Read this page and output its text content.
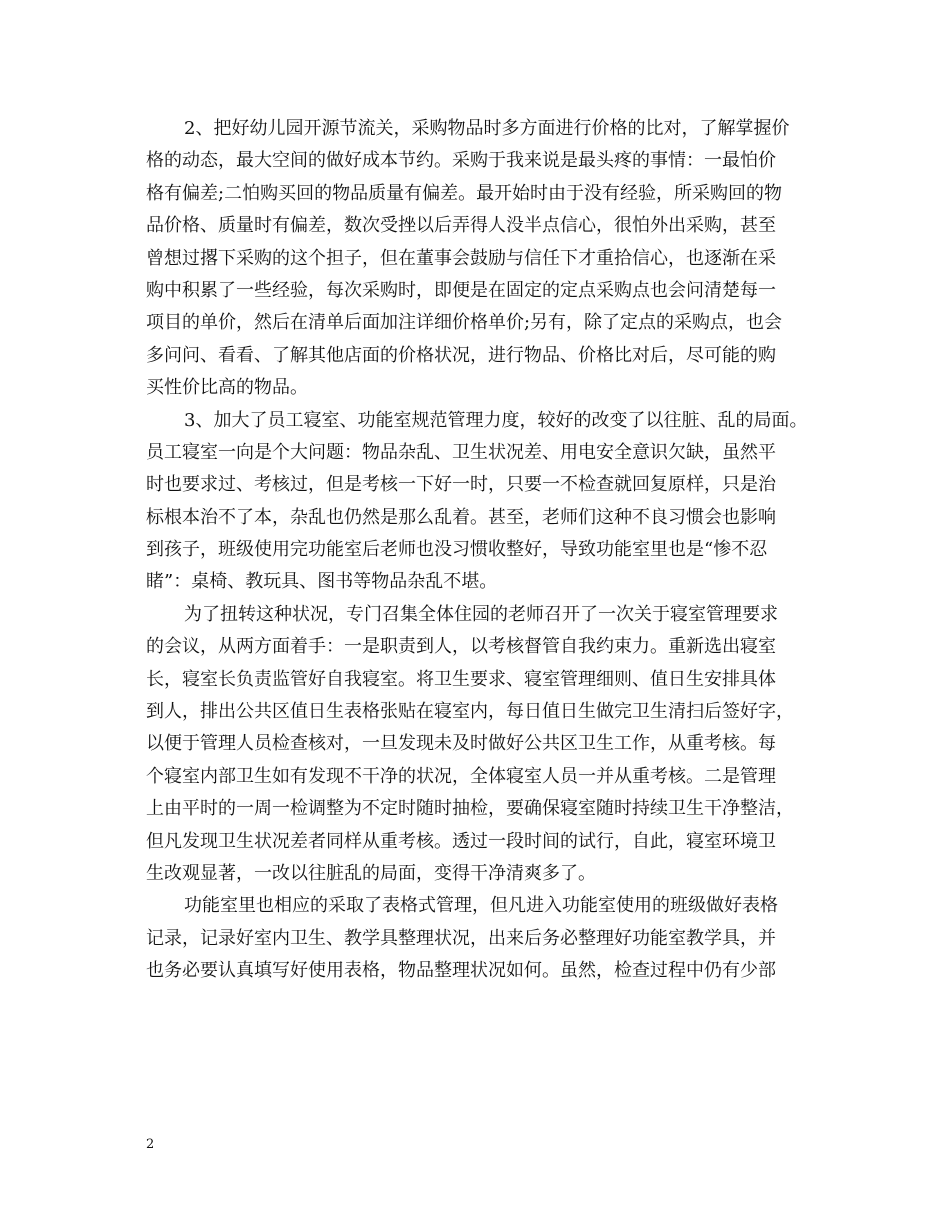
2、把好幼儿园开源节流关，采购物品时多方面进行价格的比对，了解掌握价
格的动态，最大空间的做好成本节约。采购于我来说是最头疼的事情：一最怕价
格有偏差;二怕购买回的物品质量有偏差。最开始时由于没有经验，所采购回的物
品价格、质量时有偏差，数次受挫以后弄得人没半点信心，很怕外出采购，甚至
曾想过撂下采购的这个担子，但在董事会鼓励与信任下才重拾信心，也逐渐在采
购中积累了一些经验，每次采购时，即便是在固定的定点采购点也会问清楚每一
项目的单价，然后在清单后面加注详细价格单价;另有，除了定点的采购点，也会
多问问、看看、了解其他店面的价格状况，进行物品、价格比对后，尽可能的购
买性价比高的物品。
3、加大了员工寝室、功能室规范管理力度，较好的改变了以往脏、乱的局面。
员工寝室一向是个大问题：物品杂乱、卫生状况差、用电安全意识欠缺，虽然平
时也要求过、考核过，但是考核一下好一时，只要一不检查就回复原样，只是治
标根本治不了本，杂乱也仍然是那么乱着。甚至，老师们这种不良习惯会也影响
到孩子，班级使用完功能室后老师也没习惯收整好，导致功能室里也是“惨不忍
睹”：桌椅、教玩具、图书等物品杂乱不堪。
为了扭转这种状况，专门召集全体住园的老师召开了一次关于寝室管理要求
的会议，从两方面着手：一是职责到人，以考核督管自我约束力。重新选出寝室
长，寝室长负责监管好自我寝室。将卫生要求、寝室管理细则、值日生安排具体
到人，排出公共区值日生表格张贴在寝室内，每日值日生做完卫生清扫后签好字，
以便于管理人员检查核对，一旦发现未及时做好公共区卫生工作，从重考核。每
个寝室内部卫生如有发现不干净的状况，全体寝室人员一并从重考核。二是管理
上由平时的一周一检调整为不定时随时抽检，要确保寝室随时持续卫生干净整洁，
但凡发现卫生状况差者同样从重考核。透过一段时间的试行，自此，寝室环境卫
生改观显著，一改以往脏乱的局面，变得干净清爽多了。
功能室里也相应的采取了表格式管理，但凡进入功能室使用的班级做好表格
记录，记录好室内卫生、教学具整理状况，出来后务必整理好功能室教学具，并
也务必要认真填写好使用表格，物品整理状况如何。虽然，检查过程中仍有少部
2
